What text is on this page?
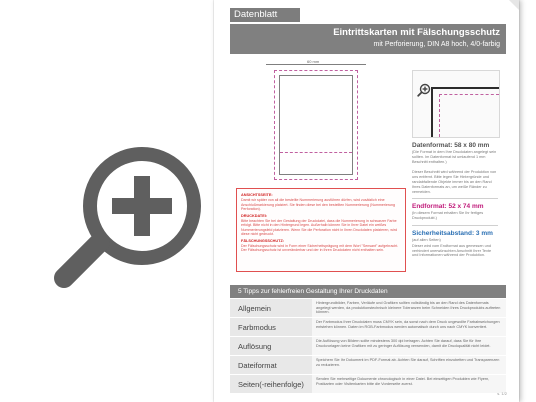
Datenblatt
Eintrittskarten mit Fälschungsschutz
mit Perforierung, DIN A8 hoch, 4/0-farbig
60 mm

Datenformat: 58 x 80 mm

(Die Format in dem Ihre Druckdaten angelegt sein sollten. Im Datenformat ist umlaufend 1 mm Beschnitt enthalten.)

Dieser Beschnitt wird während der Produktion von uns entfernt. Bitte legen Sie Hintergründe und randabfallende Objekte immer bis an den Rand Ihres Datenformats an, um weiße Ränder zu vermeiden.

Endformat: 52 x 74 mm

(In diesem Format erhalten Sie Ihr fertiges Druckprodukt.)

Sicherheitsabstand: 3 mm

(auf allen Seiten)

Dieser wird vom Endformat aus gemessen und verhindert unerwünschten Anschnitt Ihrer Texte und Informationen während der Produktion.

ANSICHTSSEITE:

Damit wir später von all die bestellte Nummerierung ausführen dürfen, wird zusätzlich eine Anschlußmarkierung platziert. Sie finden diese bei den bestellten Nummerierung (Nummerierung Perforation).

DRUCKDATEI:

Bitte beachten Sie bei der Gestaltung der Druckdatei, dass die Nummerierung in schwarzer Farbe erfolgt. Bitte nicht in den Hintergrund legen. Außerhalb können Sie in Ihrer Datei ein weißes Nummerierungsfeld platzieren. Wenn Sie die Perforation nicht in Ihren Druckdaten platzieren, wird diese nicht gedruckt.

FÄLSCHUNGSSCHUTZ:

Der Fälschungsschutz wird in Form einer Sicherheitsprägung mit dem Wort "Sensant" aufgebracht. Der Fälschungsschutz ist unveränderbar und der in Ihren Druckdaten nicht enthalten sein.

5 Tipps zur fehlerfreien Gestaltung Ihrer Druckdaten
Allgemein
Hintergrundbilder, Farben, Verläufe und Grafiken sollten vollständig bis an den Rand des Datenformats angelegt werden, da produktionstechnisch kleinere Toleranzen beim Schneiden Ihres Druckprodukts auftreten können.
Farbmodus
Der Farbmodus Ihrer Druckdaten muss CMYK sein, da sonst nach dem Druck ungewollte Farbabweichungen entstehen können. Daten im RGB-Farbmodus werden automatisch durch uns nach CMYK konvertiert.
Auflösung
Die Auflösung von Bildern sollte mindestens 300 dpi betragen. Achten Sie darauf, dass Sie für Ihre Druckvorlagen keine Grafiken mit zu geringer Auflösung verwenden, damit die Druckqualität nicht leidet.
Dateiformat
Speichern Sie Ihr Dokument im PDF-Format ab. Achten Sie darauf, Schriften einzubetten und Transparenzen zu reduzieren.
Seiten(-reihenfolge)
Senden Sie mehrseitige Dokumente chronologisch in einer Datei. Bei einseitigen Produkten wie Flyern, Postkarten oder Visitenkarten bitte die Vorderseite zuerst.
s. 1/2
